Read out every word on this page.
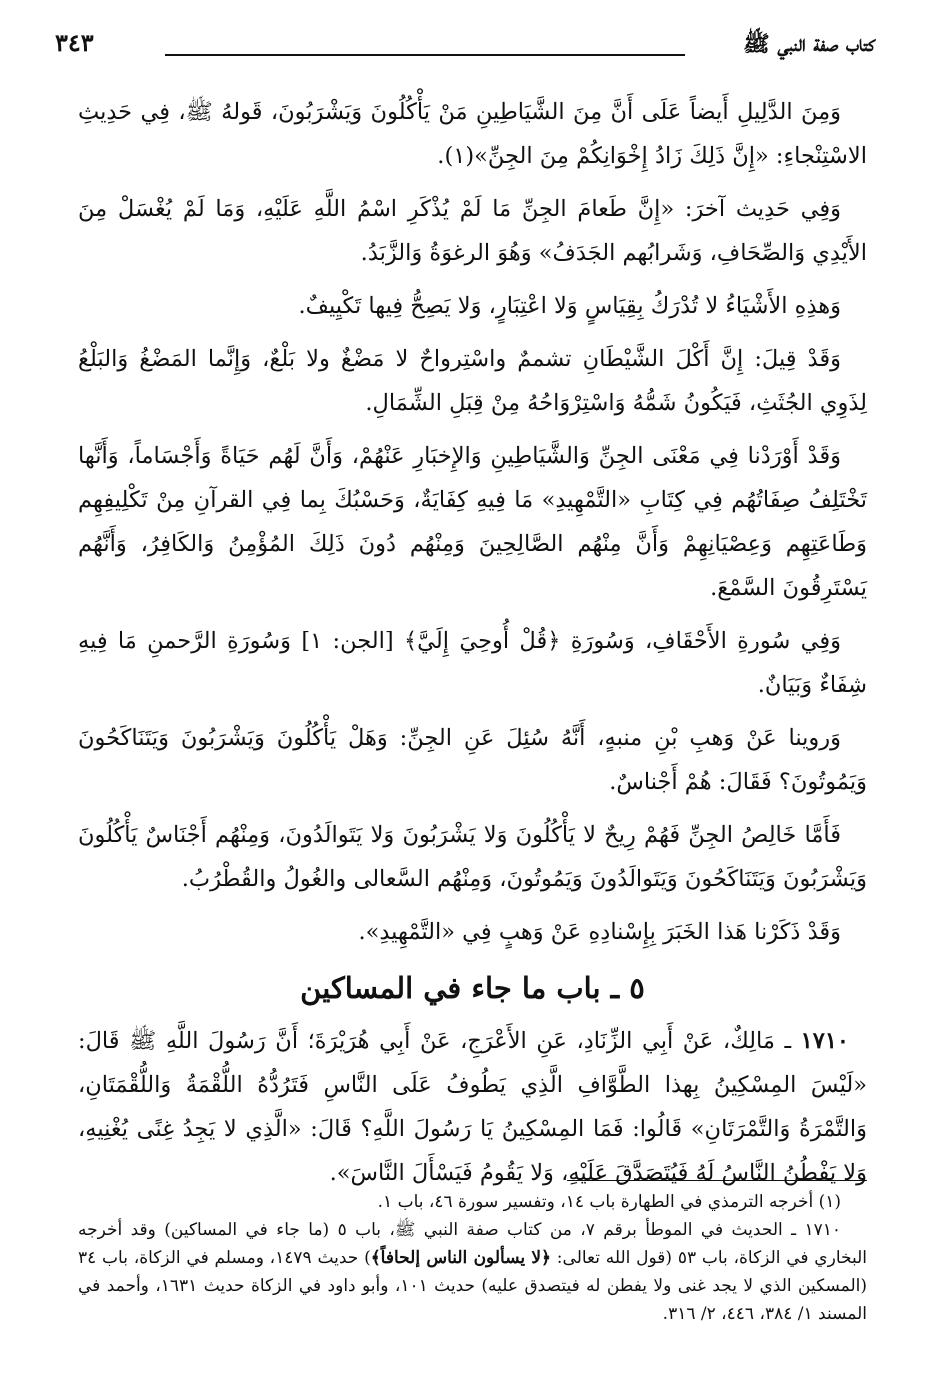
كتاب صفة النبي ﷺ
٣٤٣

وَمِنَ الدَّلِيلِ أَيضاً عَلَى أَنَّ مِنَ الشَّيَاطِينِ مَنْ يَأْكُلُونَ وَيَشْرَبُونَ، قَولهُ ﷺ، فِي حَدِيثِ الاسْتِنْجاءِ: «إِنَّ ذَلِكَ زَادُ إِخْوَانِكُمْ مِنَ الجِنِّ»(١).

وَفِي حَدِيث آخرَ: «إِنَّ طَعامَ الجِنِّ مَا لَمْ يُذْكَرِ اسْمُ اللَّهِ عَلَيْهِ، وَمَا لَمْ يُغْسَلْ مِنَ الأَيْدِي وَالصِّحَافِ، وَشَرابُهم الجَدَفُ» وَهُوَ الرغوَةُ وَالزَّبَدُ.

وَهذِهِ الأَشْيَاءُ لا تُدْرَكُ بِقِيَاسٍ وَلا اعْتِبَارٍ، وَلا يَصِحُّ فِيها تَكْيِيفٌ.

وَقَدْ قِيلَ: إِنَّ أَكْلَ الشَّيْطَانِ تشممٌ واسْتِرواحٌ لا مَضْغٌ ولا بَلْعٌ، وَإِنَّما المَضْغُ وَالبَلْعُ لِذَوِي الجُثَثِ، فَيَكُونُ شَمُّهُ وَاسْتِرْوَاحُهُ مِنْ قِبَلِ الشِّمَالِ.

وَقَدْ أَوْرَدْنا فِي مَعْنَى الجِنِّ وَالشَّيَاطِينِ وَالإِخبَارِ عَنْهُمْ، وَأَنَّ لَهُم حَيَاةً وَأَجْسَاماً، وَأَنَّها تَخْتَلِفُ صِفَاتُهُم فِي كِتَابِ «التَّمْهِيدِ» مَا فِيهِ كِفَايَةٌ، وَحَسْبُكَ بِما فِي القرآنِ مِنْ تَكْلِيفِهِم وَطَاعَتِهِم وَعِصْيَانِهِمْ وَأَنَّ مِنْهُم الصَّالِحِينَ وَمِنْهُم دُونَ ذَلِكَ المُؤْمِنُ وَالكَافِرُ، وَأَنَّهُم يَسْتَرِقُونَ السَّمْعَ.

وَفِي سُورةِ الأَحْقَافِ، وَسُورَةِ ﴿قُلْ أُوحِيَ إِلَيَّ﴾ [الجن: ١] وَسُورَةِ الرَّحمنِ مَا فِيهِ شِفَاءٌ وَبَيَانٌ.

وَروينا عَنْ وَهبِ بْنِ منبهٍ، أَنَّهُ سُئِلَ عَنِ الجِنِّ: وَهَلْ يَأْكُلُونَ وَيَشْرَبُونَ وَيَتَنَاكَحُونَ وَيَمُوتُونَ؟ فَقَالَ: هُمْ أَجْناسٌ.

فَأَمَّا خَالِصُ الجِنِّ فَهُمْ رِيحٌ لا يَأْكُلُونَ وَلا يَشْرَبُونَ وَلا يَتَوالَدُونَ، وَمِنْهُم أَجْنَاسٌ يَأْكُلُونَ وَيَشْرَبُونَ وَيَتَنَاكَحُونَ وَيَتَوالَدُونَ وَيَمُوتُونَ، وَمِنْهُم السَّعالى والغُولُ والقُطْرُبُ.

وَقَدْ ذَكَرْنا هَذا الخَبَرَ بِإِسْنادِهِ عَنْ وَهبٍ فِي «التَّمْهِيدِ».

٥ ـ باب ما جاء في المساكين

١٧١٠ ـ مَالِكٌ، عَنْ أَبِي الزِّنَادِ، عَنِ الأَعْرَجِ، عَنْ أَبِي هُرَيْرَةَ؛ أَنَّ رَسُولَ اللَّهِ ﷺ قَالَ: «لَيْسَ المِسْكِينُ بِهذا الطَّوَّافِ الَّذِي يَطُوفُ عَلَى النَّاسِ فَتَرُدُّهُ اللُّقْمَةُ وَاللُّقْمَتَانِ، وَالتَّمْرَةُ وَالتَّمْرَتَانِ» قَالُوا: فَمَا المِسْكِينُ يَا رَسُولَ اللَّهِ؟ قَالَ: «الَّذِي لا يَجِدُ غِنًى يُغْنِيهِ، وَلا يَفْطُنُ النَّاسُ لَهُ فَيُتَصَدَّقَ عَلَيْهِ، وَلا يَقُومُ فَيَسْأَلَ النَّاسَ».

(١) أخرجه الترمذي في الطهارة باب ١٤، وتفسير سورة ٤٦، باب ١.

١٧١٠ ـ الحديث في الموطأ برقم ٧، من كتاب صفة النبي ﷺ، باب ٥ (ما جاء في المساكين) وقد أخرجه البخاري في الزكاة، باب ٥٣ (قول الله تعالى: ﴿لا يسألون الناس إلحافاً﴾) حديث ١٤٧٩، ومسلم في الزكاة، باب ٣٤ (المسكين الذي لا يجد غنى ولا يفطن له فيتصدق عليه) حديث ١٠١، وأبو داود في الزكاة حديث ١٦٣١، وأحمد في المسند ١/ ٣٨٤، ٤٤٦، ٢/ ٣١٦.
